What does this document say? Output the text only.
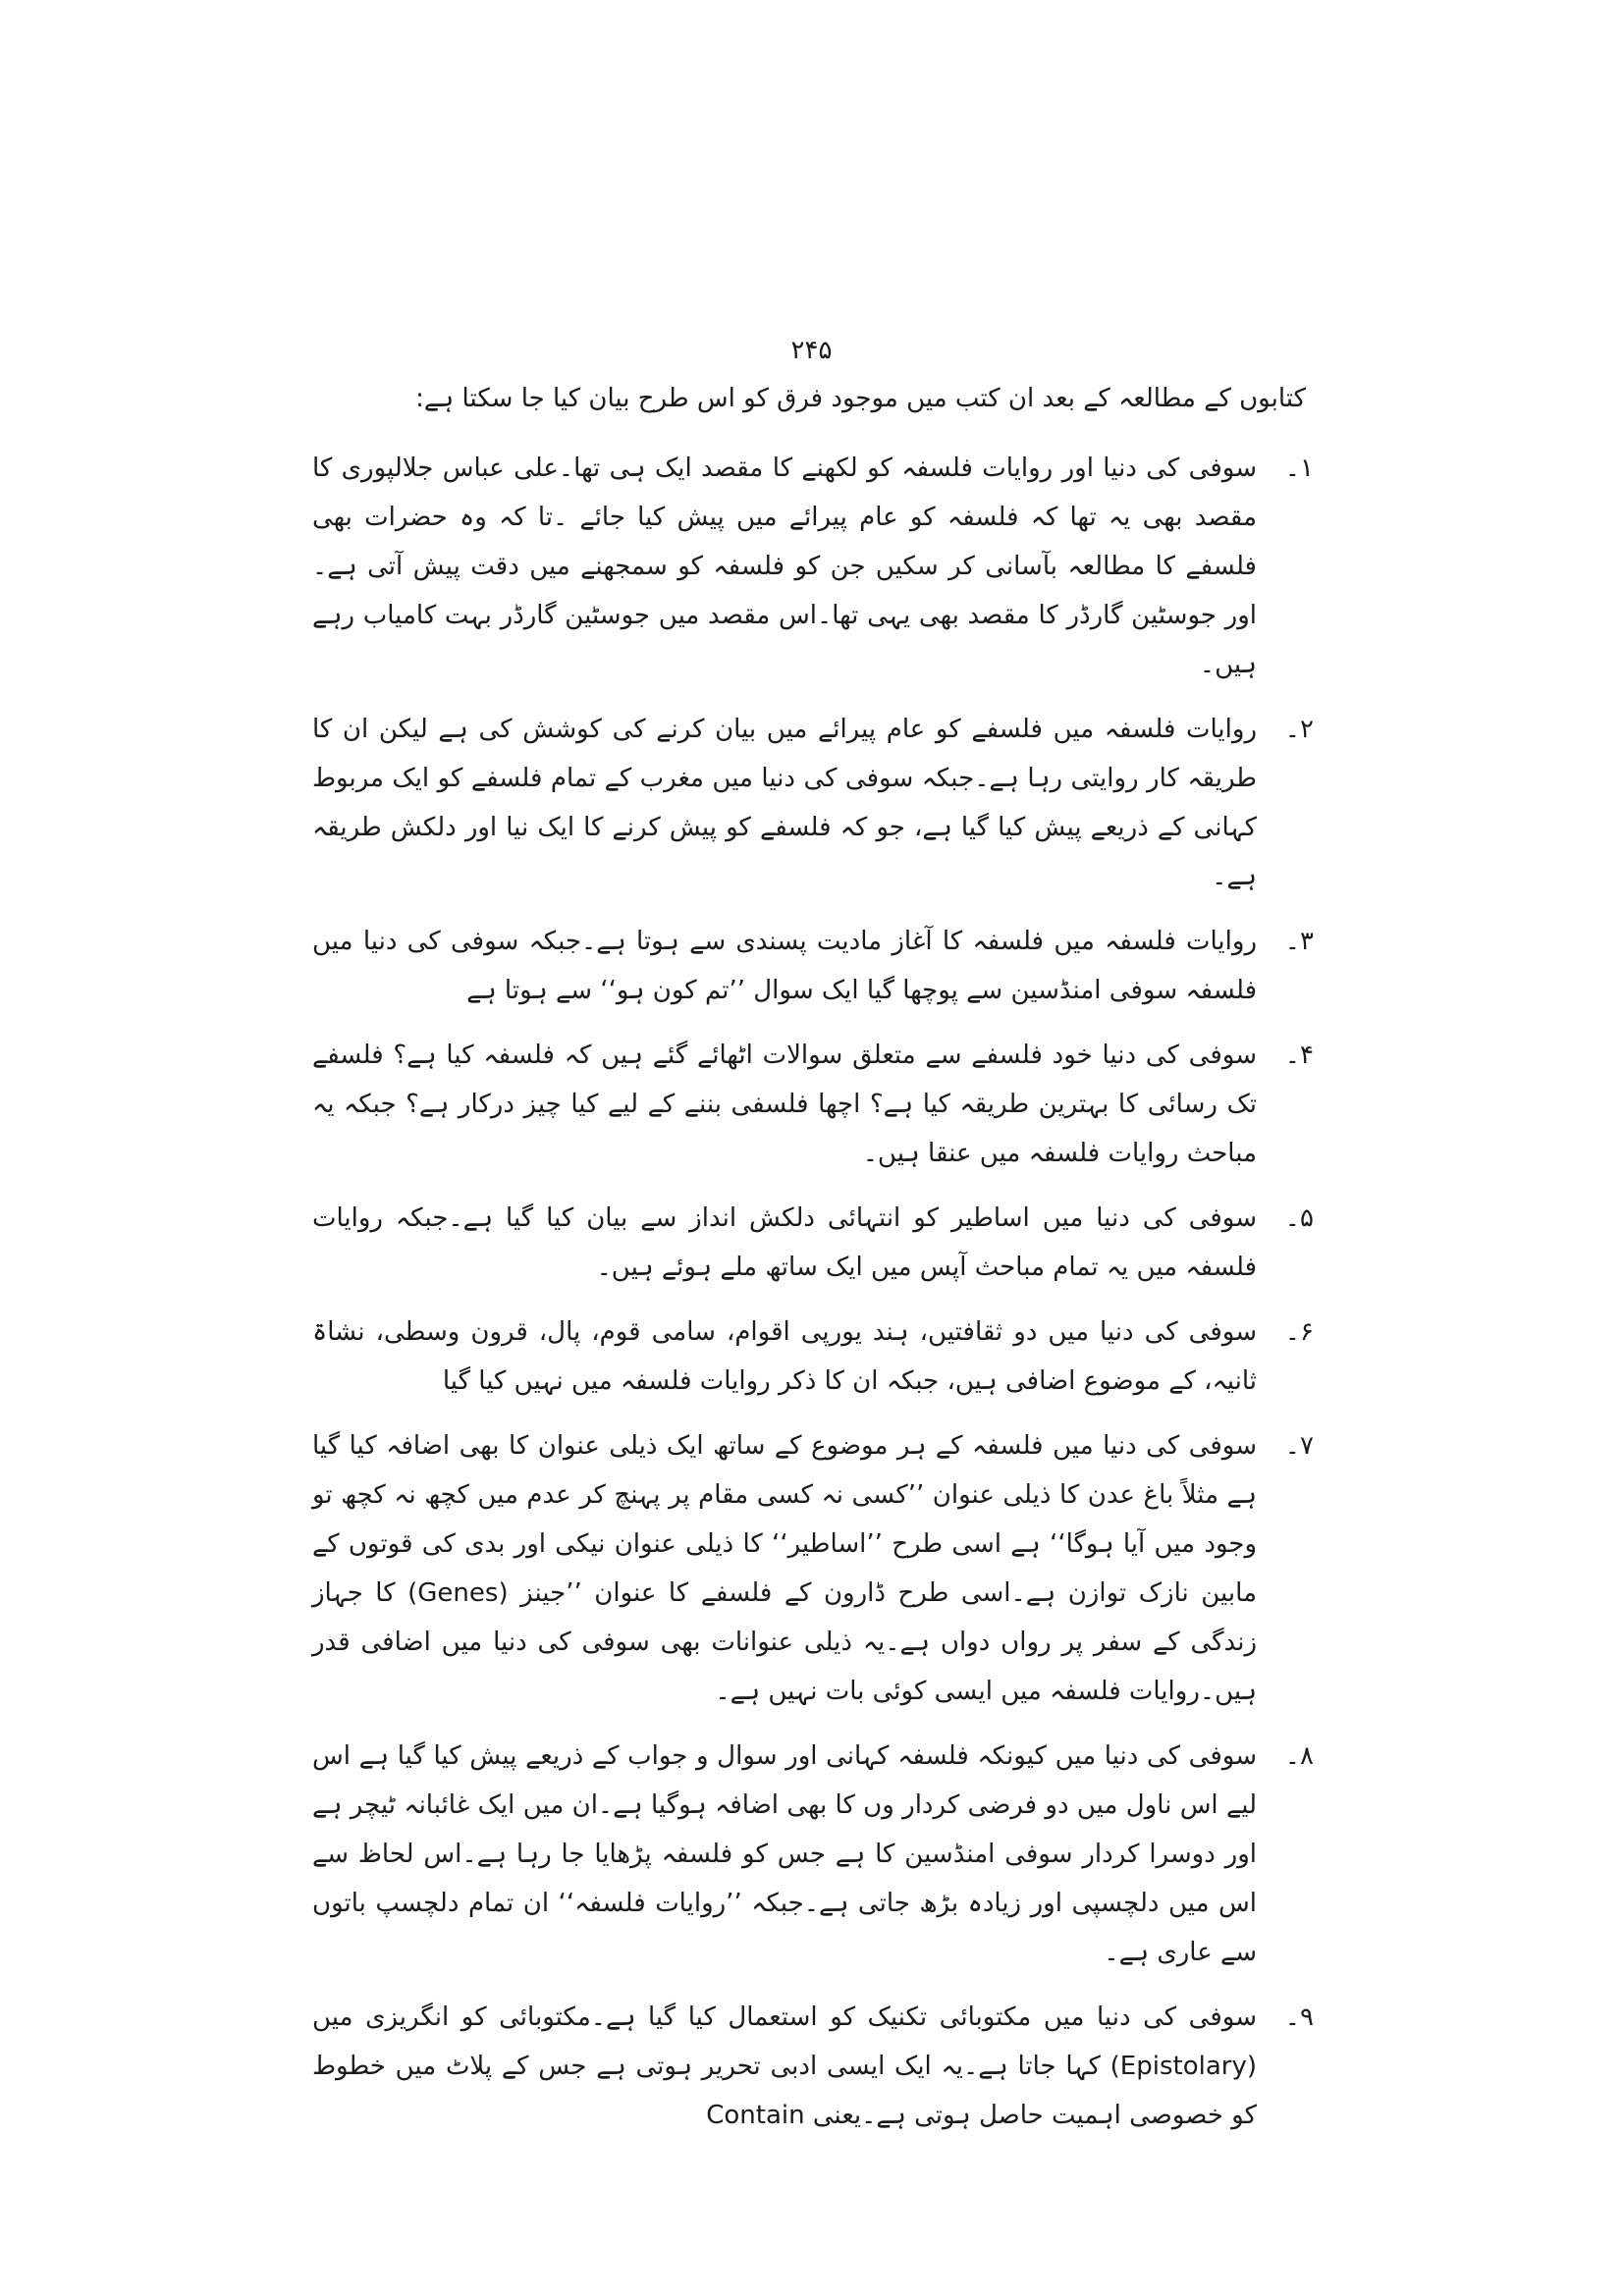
۲۴۵
کتابوں کے مطالعہ کے بعد ان کتب میں موجود فرق کو اس طرح بیان کیا جا سکتا ہے:
۱۔
سوفی کی دنیا اور روایات فلسفہ کو لکھنے کا مقصد ایک ہی تھا۔علی عباس جلالپوری کا مقصد بھی یہ تھا کہ فلسفہ کو عام پیرائے میں پیش کیا جائے ۔تا کہ وہ حضرات بھی فلسفے کا مطالعہ بآسانی کر سکیں جن کو فلسفہ کو سمجھنے میں دقت پیش آتی ہے۔اور جوسٹین گارڈر کا مقصد بھی یہی تھا۔اس مقصد میں جوسٹین گارڈر بہت کامیاب رہے ہیں۔
۲۔
روایات فلسفہ میں فلسفے کو عام پیرائے میں بیان کرنے کی کوشش کی ہے لیکن ان کا طریقہ کار روایتی رہا ہے۔جبکہ سوفی کی دنیا میں مغرب کے تمام فلسفے کو ایک مربوط کہانی کے ذریعے پیش کیا گیا ہے، جو کہ فلسفے کو پیش کرنے کا ایک نیا اور دلکش طریقہ ہے۔
۳۔
روایات فلسفہ میں فلسفہ کا آغاز مادیت پسندی سے ہوتا ہے۔جبکہ سوفی کی دنیا میں فلسفہ سوفی امنڈسین سے پوچھا گیا ایک سوال ’’تم کون ہو‘‘ سے ہوتا ہے
۴۔
سوفی کی دنیا خود فلسفے سے متعلق سوالات اٹھائے گئے ہیں کہ فلسفہ کیا ہے؟ فلسفے تک رسائی کا بہترین طریقہ کیا ہے؟ اچھا فلسفی بننے کے لیے کیا چیز درکار ہے؟ جبکہ یہ مباحث روایات فلسفہ میں عنقا ہیں۔
۵۔
سوفی کی دنیا میں اساطیر کو انتہائی دلکش انداز سے بیان کیا گیا ہے۔جبکہ روایات فلسفہ میں یہ تمام مباحث آپس میں ایک ساتھ ملے ہوئے ہیں۔
۶۔
سوفی کی دنیا میں دو ثقافتیں، ہند یورپی اقوام، سامی قوم، پال، قرون وسطی، نشاۃ ثانیہ، کے موضوع اضافی ہیں، جبکہ ان کا ذکر روایات فلسفہ میں نہیں کیا گیا
۷۔
سوفی کی دنیا میں فلسفہ کے ہر موضوع کے ساتھ ایک ذیلی عنوان کا بھی اضافہ کیا گیا ہے مثلاً باغ عدن کا ذیلی عنوان ’’کسی نہ کسی مقام پر پہنچ کر عدم میں کچھ نہ کچھ تو وجود میں آیا ہوگا‘‘ ہے اسی طرح ’’اساطیر‘‘ کا ذیلی عنوان نیکی اور بدی کی قوتوں کے مابین نازک توازن ہے۔اسی طرح ڈارون کے فلسفے کا عنوان ’’جینز (Genes) کا جہاز زندگی کے سفر پر رواں دواں ہے۔یہ ذیلی عنوانات بھی سوفی کی دنیا میں اضافی قدر ہیں۔روایات فلسفہ میں ایسی کوئی بات نہیں ہے۔
۸۔
سوفی کی دنیا میں کیونکہ فلسفہ کہانی اور سوال و جواب کے ذریعے پیش کیا گیا ہے اس لیے اس ناول میں دو فرضی کردار وں کا بھی اضافہ ہوگیا ہے۔ان میں ایک غائبانہ ٹیچر ہے اور دوسرا کردار سوفی امنڈسین کا ہے جس کو فلسفہ پڑھایا جا رہا ہے۔اس لحاظ سے اس میں دلچسپی اور زیادہ بڑھ جاتی ہے۔جبکہ ’’روایات فلسفہ‘‘ ان تمام دلچسپ باتوں سے عاری ہے۔
۹۔
سوفی کی دنیا میں مکتوبائی تکنیک کو استعمال کیا گیا ہے۔مکتوبائی کو انگریزی میں (Epistolary) کہا جاتا ہے۔یہ ایک ایسی ادبی تحریر ہوتی ہے جس کے پلاٹ میں خطوط کو خصوصی اہمیت حاصل ہوتی ہے۔یعنی Contain
